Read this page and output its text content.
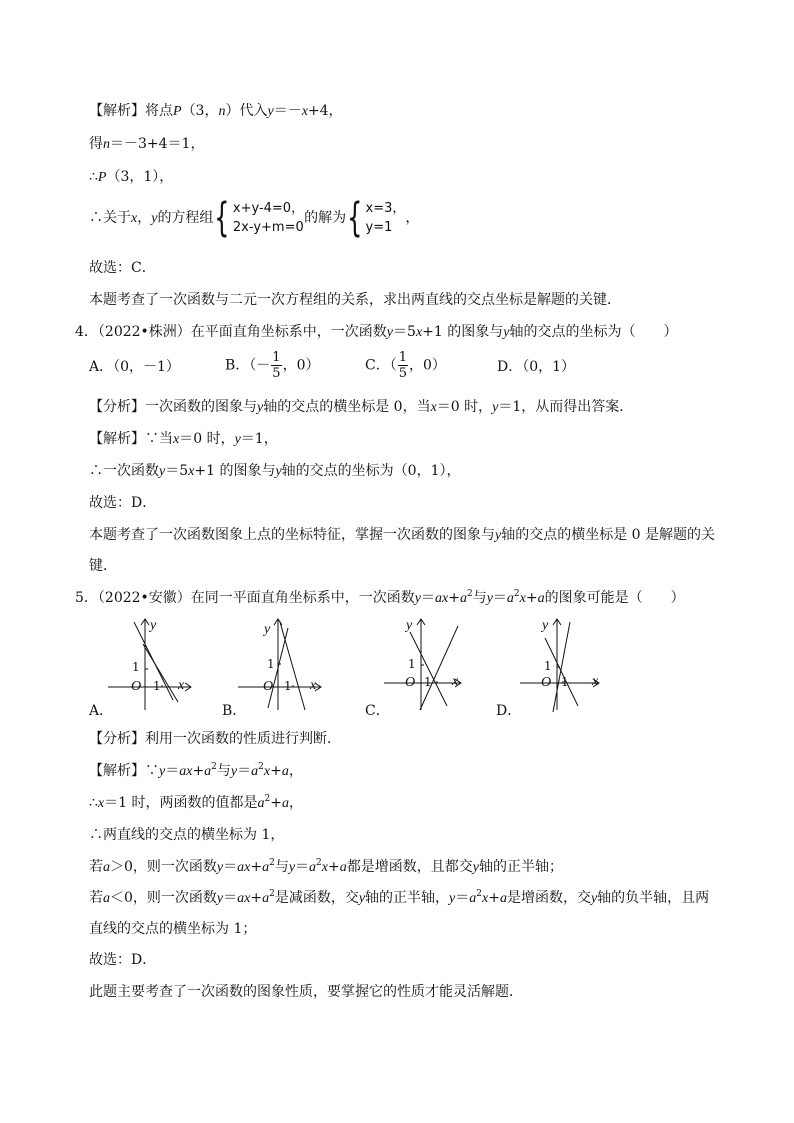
【解析】将点P（3，n）代入y＝－x+4，
得n＝－3+4＝1，
∴P（3，1），
∴关于x，y的方程组 { x+y-4=0，
2x-y+m=0
的解为 { x=3，
y=1
，
故选：C．
本题考查了一次函数与二元一次方程组的关系，求出两直线的交点坐标是解题的关键．
4．（2022•株洲）在平面直角坐标系中，一次函数y＝5x+1 的图象与y轴的交点的坐标为（　　）
A．（0，－1）	B．（－ $\frac{1}{5}$ ，0）	C．（ $\frac{1}{5}$ ，0）	D．（0，1）
【分析】一次函数的图象与y轴的交点的横坐标是 0，当x＝0 时，y＝1，从而得出答案．
【解析】∵当x＝0 时，y＝1，
∴一次函数y＝5x+1 的图象与y轴的交点的坐标为（0，1），
故选：D．
本题考查了一次函数图象上点的坐标特征，掌握一次函数的图象与y轴的交点的横坐标是 0 是解题的关
键．
5．（2022•安徽）在同一平面直角坐标系中，一次函数$y=ax+a^2$与$y=a^2x+a$的图象可能是（　　）
y
x
O
1
1
A．
y
x
O
1
1
B．
y
x
O
1
1
C．
y
x
O
1
1
D．
【分析】利用一次函数的性质进行判断．
【解析】$\because y=ax+a^2$与$y=a^2x+a$，
∴x＝1 时，两函数的值都是$a^2+a$，
∴两直线的交点的横坐标为 1，
若a＞0，则一次函数$y=ax+a^2$与$y=a^2x+a$都是增函数，且都交y轴的正半轴；
若a＜0，则一次函数$y=ax+a^2$是减函数，交y轴的正半轴，$y=a^2x+a$是增函数，交y轴的负半轴，且两
直线的交点的横坐标为 1；
故选：D．
此题主要考查了一次函数的图象性质，要掌握它的性质才能灵活解题．
